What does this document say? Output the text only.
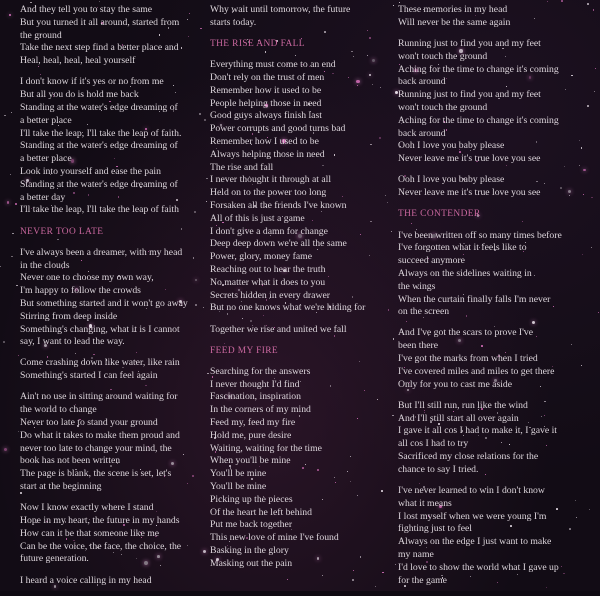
And they tell you to stay the same
But you turned it all around, started from
the ground
Take the next step find a better place and
Heal, heal, heal, heal yourself
I don't know if it's yes or no from me
But all you do is hold me back
Standing at the water's edge dreaming of
a better place
I'll take the leap, I'll take the leap of faith.
Standing at the water's edge dreaming of
a better place
Look into yourself and ease the pain
Standing at the water's edge dreaming of
a better day
I'll take the leap, I'll take the leap of faith
NEVER TOO LATE
I've always been a dreamer, with my head
in the clouds
Never one to choose my own way,
I'm happy to follow the crowds
But something started and it won't go away
Stirring from deep inside
Something's changing, what it is I cannot
say, I want to lead the way.
Come crashing down like water, like rain
Something's started I can feel again
Ain't no use in sitting around waiting for
the world to change
Never too late to stand your ground
Do what it takes to make them proud and
never too late to change your mind, the
book has not been written
The page is blank, the scene is set, let's
start at the beginning
Now I know exactly where I stand
Hope in my heart, the future in my hands
How can it be that someone like me
Can be the voice, the face, the choice, the
future generation.
I heard a voice calling in my head
Why wait until tomorrow, the future
starts today.
THE RISE AND FALL
Everything must come to an end
Don't rely on the trust of men
Remember how it used to be
People helping those in need
Good guys always finish last
Power corrupts and good turns bad
Remember how I used to be
Always helping those in need
The rise and fall
I never thought it through at all
Held on to the power too long
Forsaken all the friends I've known
All of this is just a game
I don't give a damn for change
Deep deep down we're all the same
Power, glory, money fame
Reaching out to hear the truth
No matter what it does to you
Secrets hidden in every drawer
But no one knows what we're hiding for
Together we rise and united we fall
FEED MY FIRE
Searching for the answers
I never thought I'd find
Fascination, inspiration
In the corners of my mind
Feed my, feed my fire
Hold me, pure desire
Waiting, waiting for the time
When you'll be mine
You'll be mine
You'll be mine
Picking up the pieces
Of the heart he left behind
Put me back together
This new love of mine I've found
Basking in the glory
Masking out the pain
These memories in my head
Will never be the same again
Running just to find you and my feet
won't touch the ground
Aching for the time to change it's coming
back around
Running just to find you and my feet
won't touch the ground
Aching for the time to change it's coming
back around
Ooh I love you baby please
Never leave me it's true love you see
Ooh I love you baby please
Never leave me it's true love you see
THE CONTENDER
I've been written off so many times before
I've forgotten what it feels like to
succeed anymore
Always on the sidelines waiting in
the wings
When the curtain finally falls I'm never
on the screen
And I've got the scars to prove I've
been there
I've got the marks from when I tried
I've covered miles and miles to get there
Only for you to cast me aside
But I'll still run, run like the wind
And I'll still start all over again
I gave it all cos I had to make it, I gave it
all cos I had to try
Sacrificed my close relations for the
chance to say I tried.
I've never learned to win I don't know
what it means
I lost myself when we were young I'm
fighting just to feel
Always on the edge I just want to make
my name
I'd love to show the world what I gave up
for the game
